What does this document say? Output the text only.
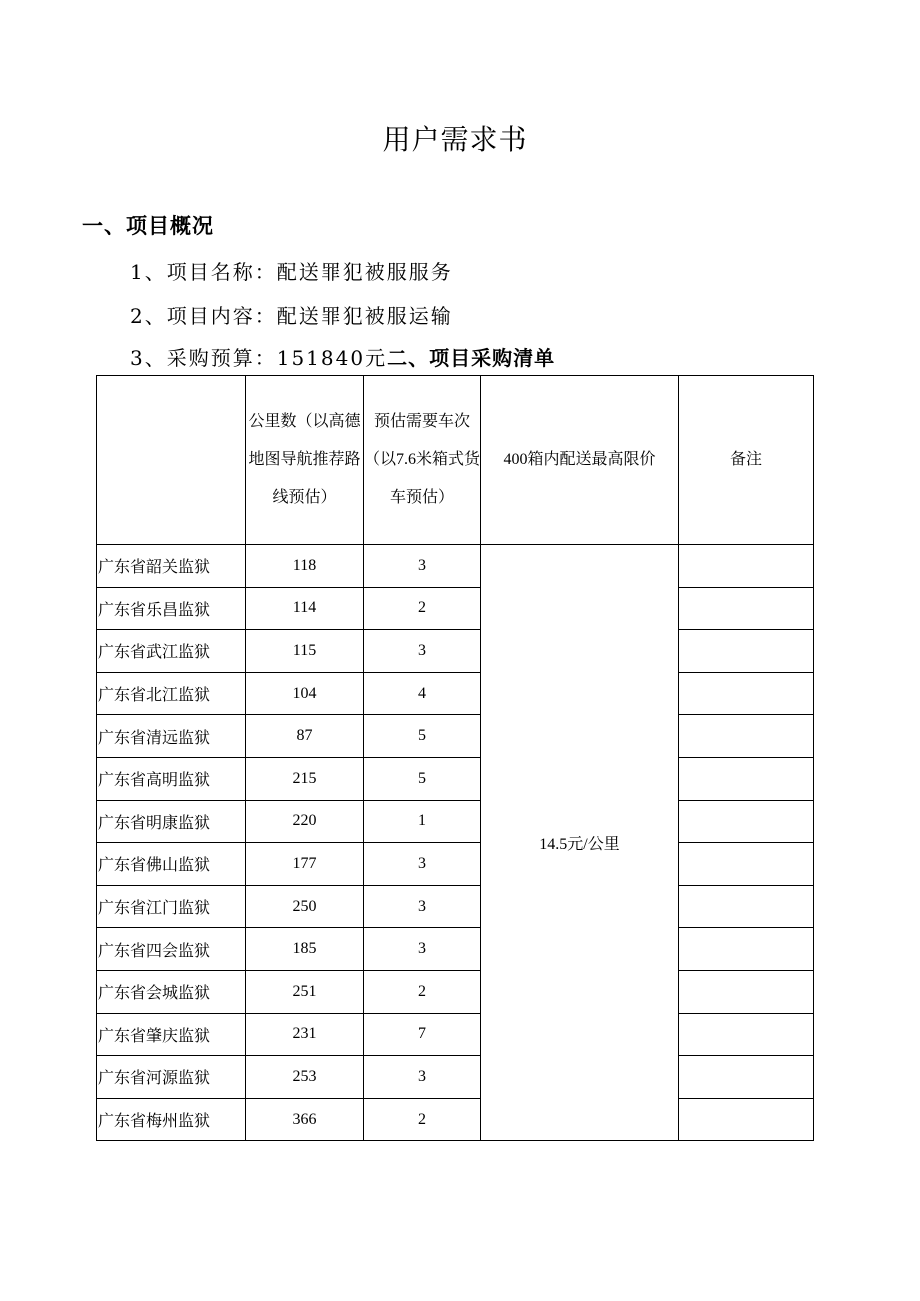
用户需求书
一、项目概况
1、项目名称：配送罪犯被服服务
2、项目内容：配送罪犯被服运输
3、采购预算：151840元二、项目采购清单
	公里数（以高德地图导航推荐路线预估）	预估需要车次（以7.6米箱式货车预估）	400箱内配送最高限价	备注
广东省韶关监狱	118	3	14.5元/公里	
广东省乐昌监狱	114	2		
广东省武江监狱	115	3		
广东省北江监狱	104	4		
广东省清远监狱	87	5		
广东省高明监狱	215	5		
广东省明康监狱	220	1		
广东省佛山监狱	177	3		
广东省江门监狱	250	3		
广东省四会监狱	185	3		
广东省会城监狱	251	2		
广东省肇庆监狱	231	7		
广东省河源监狱	253	3		
广东省梅州监狱	366	2		
